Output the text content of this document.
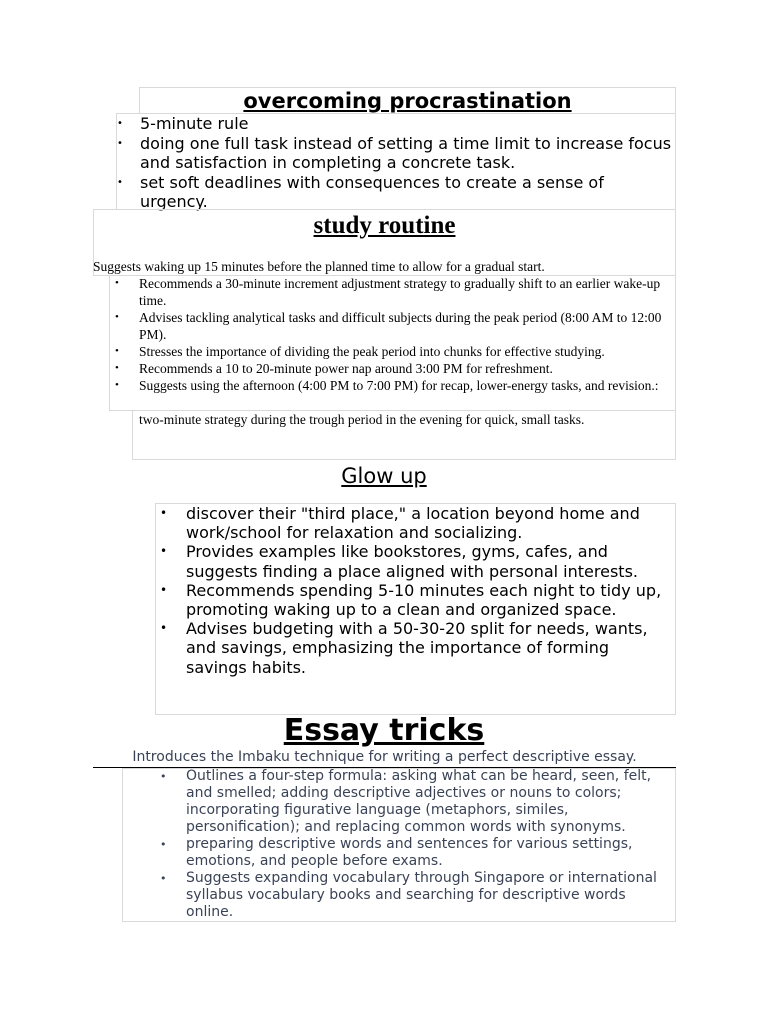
overcoming procrastination
• 5-minute rule
• doing one full task instead of setting a time limit to increase focus and satisfaction in completing a concrete task.
• set soft deadlines with consequences to create a sense of urgency.
study routine
Suggests waking up 15 minutes before the planned time to allow for a gradual start.
• Recommends a 30-minute increment adjustment strategy to gradually shift to an earlier wake-up time.
• Advises tackling analytical tasks and difficult subjects during the peak period (8:00 AM to 12:00 PM).
• Stresses the importance of dividing the peak period into chunks for effective studying.
• Recommends a 10 to 20-minute power nap around 3:00 PM for refreshment.
• Suggests using the afternoon (4:00 PM to 7:00 PM) for recap, lower-energy tasks, and revision.:
two-minute strategy during the trough period in the evening for quick, small tasks.
Glow up
• discover their "third place," a location beyond home and work/school for relaxation and socializing.
• Provides examples like bookstores, gyms, cafes, and suggests finding a place aligned with personal interests.
• Recommends spending 5-10 minutes each night to tidy up, promoting waking up to a clean and organized space.
• Advises budgeting with a 50-30-20 split for needs, wants, and savings, emphasizing the importance of forming savings habits.
Essay tricks
Introduces the Imbaku technique for writing a perfect descriptive essay.
• Outlines a four-step formula: asking what can be heard, seen, felt, and smelled; adding descriptive adjectives or nouns to colors; incorporating figurative language (metaphors, similes, personification); and replacing common words with synonyms.
• preparing descriptive words and sentences for various settings, emotions, and people before exams.
• Suggests expanding vocabulary through Singapore or international syllabus vocabulary books and searching for descriptive words online.
